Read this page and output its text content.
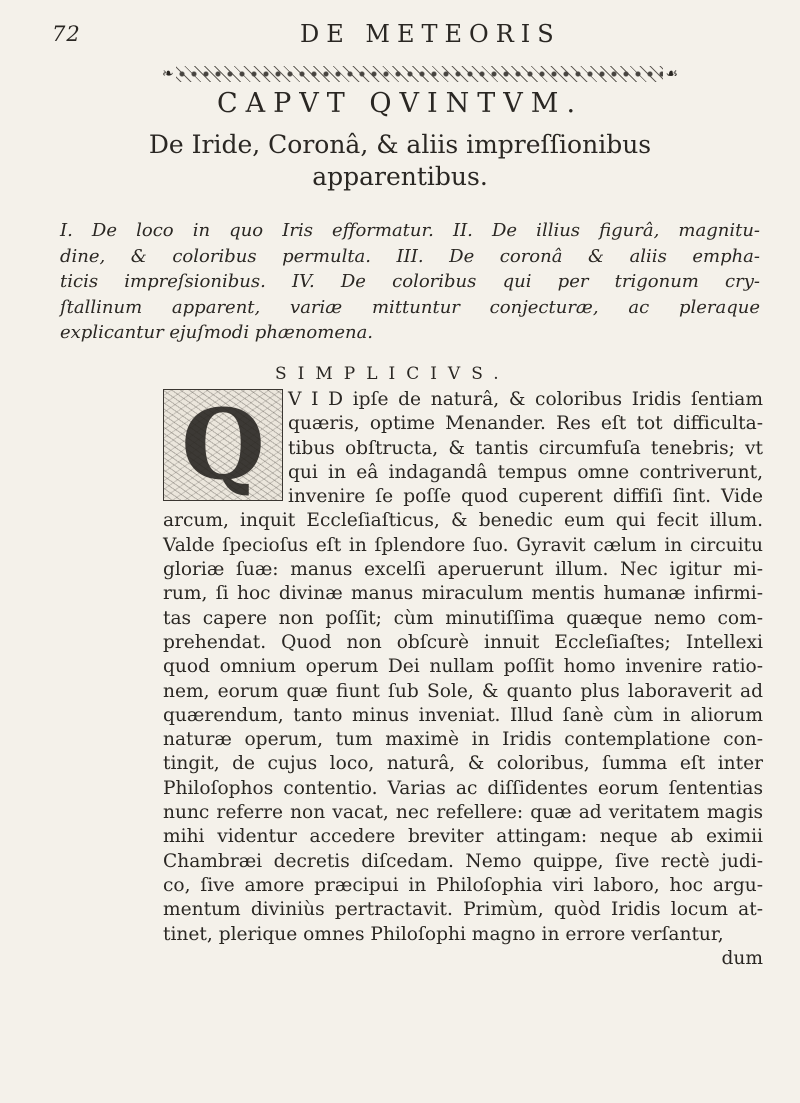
72	DE METEORIS
❧	☙
CAPVT QVINTVM.
De Iride, Coronâ, & aliis impreſſionibus
apparentibus.
I. De loco in quo Iris efformatur. II. De illius figurâ, magnitu-
dine, & coloribus permulta. III. De coronâ & aliis empha-
ticis impreſsionibus. IV. De coloribus qui per trigonum cry-
ſtallinum apparent, variæ mittuntur conjecturæ, ac pleraque
explicantur ejuſmodi phænomena.
SIMPLICIVS.
Q	V I D ipſe de naturâ, & coloribus Iridis ſentiam
quæris, optime Menander. Res eſt tot difficulta-
tibus obſtructa, & tantis circumfuſa tenebris; vt
qui in eâ indagandâ tempus omne contriverunt,
invenire ſe poſſe quod cuperent diffiſi ſint. Vide
arcum, inquit Eccleſiaſticus, & benedic eum qui fecit illum.
Valde ſpecioſus eſt in ſplendore ſuo. Gyravit cælum in circuitu
gloriæ ſuæ: manus excelſi aperuerunt illum. Nec igitur mi-
rum, ſi hoc divinæ manus miraculum mentis humanæ infirmi-
tas capere non poſſit; cùm minutiſſima quæque nemo com-
prehendat. Quod non obſcurè innuit Eccleſiaſtes; Intellexi
quod omnium operum Dei nullam poſſit homo invenire ratio-
nem, eorum quæ fiunt ſub Sole, & quanto plus laboraverit ad
quærendum, tanto minus inveniat. Illud ſanè cùm in aliorum
naturæ operum, tum maximè in Iridis contemplatione con-
tingit, de cujus loco, naturâ, & coloribus, ſumma eſt inter
Philoſophos contentio. Varias ac diſſidentes eorum ſententias
nunc referre non vacat, nec refellere: quæ ad veritatem magis
mihi videntur accedere breviter attingam: neque ab eximii
Chambræi decretis diſcedam. Nemo quippe, ſive rectè judi-
co, ſive amore præcipui in Philoſophia viri laboro, hoc argu-
mentum diviniùs pertractavit. Primùm, quòd Iridis locum at-
tinet, plerique omnes Philoſophi magno in errore verſantur,
dum
